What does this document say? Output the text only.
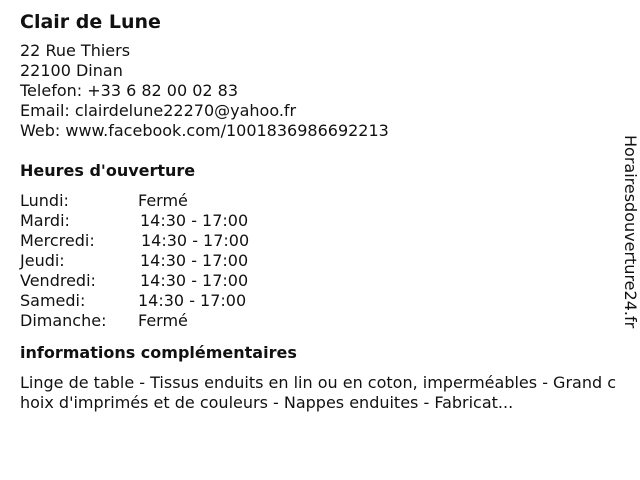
Clair de Lune
22 Rue Thiers
22100 Dinan
Telefon: +33 6 82 00 02 83
Email: clairdelune22270@yahoo.fr
Web: www.facebook.com/1001836986692213
Heures d'ouverture
Lundi:	Fermé
Mardi:	14:30 - 17:00
Mercredi:	14:30 - 17:00
Jeudi:	14:30 - 17:00
Vendredi:	14:30 - 17:00
Samedi:	14:30 - 17:00
Dimanche: Fermé
informations complémentaires
Linge de table - Tissus enduits en lin ou en coton, imperméables - Grand choix d'imprimés et de couleurs - Nappes enduites - Fabricat...
Horairesdouverture24.fr
